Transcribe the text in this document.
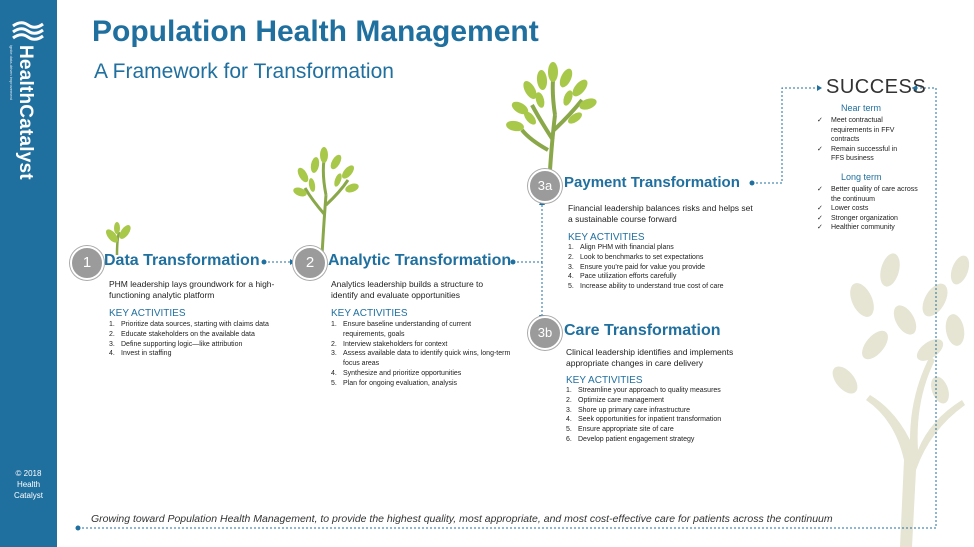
HealthCatalyst
ignite data-driven improvement
© 2018
Health
Catalyst
Population Health Management
A Framework for Transformation
1 Data Transformation
PHM leadership lays groundwork for a high-functioning analytic platform
KEY ACTIVITIES
1. Prioritize data sources, starting with claims data
2. Educate stakeholders on the available data
3. Define supporting logic—like attribution
4. Invest in staffing
2 Analytic Transformation
Analytics leadership builds a structure to identify and evaluate opportunities
KEY ACTIVITIES
1. Ensure baseline understanding of current requirements, goals
2. Interview stakeholders for context
3. Assess available data to identify quick wins, long-term focus areas
4. Synthesize and prioritize opportunities
5. Plan for ongoing evaluation, analysis
3a Payment Transformation
Financial leadership balances risks and helps set a sustainable course forward
KEY ACTIVITIES
1. Align PHM with financial plans
2. Look to benchmarks to set expectations
3. Ensure you're paid for value you provide
4. Pace utilization efforts carefully
5. Increase ability to understand true cost of care
3b Care Transformation
Clinical leadership identifies and implements appropriate changes in care delivery
KEY ACTIVITIES
1. Streamline your approach to quality measures
2. Optimize care management
3. Shore up primary care infrastructure
4. Seek opportunities for inpatient transformation
5. Ensure appropriate site of care
6. Develop patient engagement strategy
SUCCESS
Near term
✓ Meet contractual requirements in FFV contracts
✓ Remain successful in FFS business
Long term
✓ Better quality of care across the continuum
✓ Lower costs
✓ Stronger organization
✓ Healthier community
Growing toward Population Health Management, to provide the highest quality, most appropriate, and most cost-effective care for patients across the continuum
